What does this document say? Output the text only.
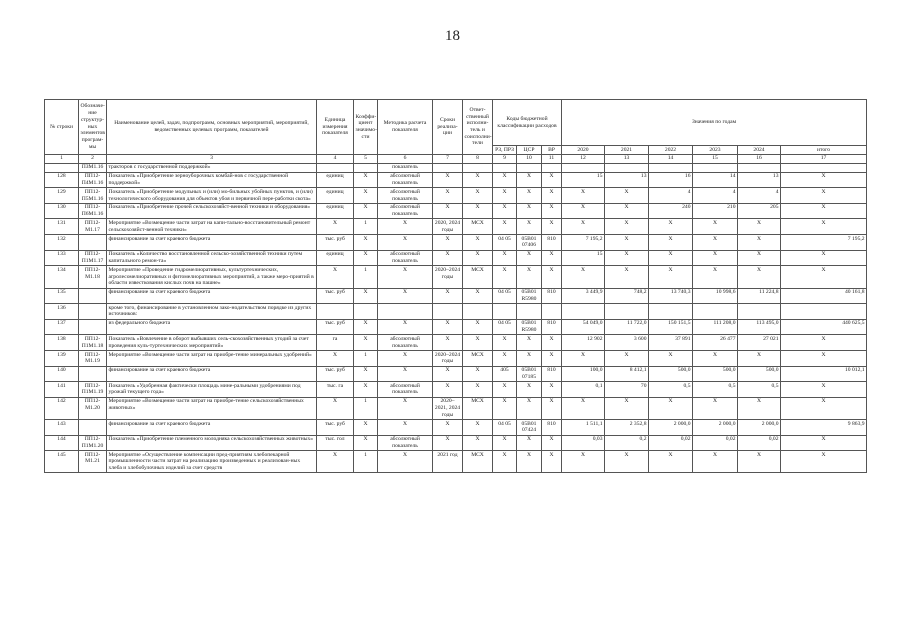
18
№ строки	Обозначе-ние структур-ных элементов програм-мы	Наименование целей, задач, подпрограмм, основных мероприятий, мероприятий, ведомственных целевых программ, показателей	Единица измерения показателя	Коэффи-циент значимо-сти	Методика расчета показателя	Сроки реализа-ции	Ответ-ственный исполни-тель и соисполни-тели	Коды бюджетной классификации расходов			Значения по годам					
								РЗ, ПРЗ	ЦСР	ВР	2020	2021	2022	2023	2024	итого
1	2	3	4	5	6	7	8	9	10	11	12	13	14	15	16	17
	ПЗМ1.16	тракторов с государственной поддержкой»			показатель											
128	ПП12-П4М1.16	Показатель «Приобретение зерноуборочных комбай-нов с государственной поддержкой»	единиц	Х	абсолютный показатель	Х	Х	Х	Х	Х	15	13	16	14	13	Х
129	ПП12-П5М1.16	Показатель «Приобретение модульных и (или) мо-бильных убойных пунктов, и (или) технологического оборудования для объектов убоя и первичной пере-работки скота»	единиц	Х	абсолютный показатель	Х	Х	Х	Х	Х	Х	Х	4	4	4	Х
130	ПП12-П6М1.16	Показатель «Приобретение прочей сельскохозяйст-венной техники и оборудования»	единиц	Х	абсолютный показатель	Х	Х	Х	Х	Х	Х	Х	240	210	205	Х
131	ПП12-М1.17	Мероприятие «Возмещение части затрат на капи-тально-восстановительный ремонт сельскохозяйст-венной техники»	Х	1	Х	2020, 2024 годы	МСХ	Х	Х	Х	Х	Х	Х	Х	Х	Х
132		финансирование за счет краевого бюджета	тыс. руб	Х	Х	Х	Х	04 05	05В01 07406	810	7 195,2	Х	Х	Х	Х	7 195,2
133	ПП12-П1М1.17	Показатель «Количество восстановленной сельско-хозяйственной техники путем капитального ремон-та»	единиц	Х	абсолютный показатель	Х	Х	Х	Х	Х	15	Х	Х	Х	Х	Х
134	ПП12-М1.18	Мероприятие «Проведение гидромелиоративных, культуртехнических, агролесомелиоративных и фитомелиоративных мероприятий, а также меро-приятий в области известкования кислых почв на пашне»	Х	1	Х	2020–2024 годы	МСХ	Х	Х	Х	Х	Х	Х	Х	Х	Х
135		финансирование за счет краевого бюджета	тыс. руб	Х	Х	Х	Х	04 05	05В01 R5980	810	3 449,9	748,2	13 740,3	10 998,6	11 224,8	40 161,8
136		кроме того, финансирование в установленном зако-нодательством порядке из других источников:														
137		из федерального бюджета	тыс. руб	Х	Х	Х	Х	04 05	05В01 R5980	810	54 049,0	11 722,0	150 151,5	111 208,0	113 495,0	440 625,5
138	ПП12-П1М1.18	Показатель «Вовлечение в оборот выбывших сель-скохозяйственных угодий за счет проведения куль-туртехнических мероприятий»	га	Х	абсолютный показатель	Х	Х	Х	Х	Х	12 902	3 600	37 891	26 477	27 021	Х
139	ПП12-М1.19	Мероприятие «Возмещение части затрат на приобре-тение минеральных удобрений»	Х	1	Х	2020–2024 годы	МСХ	Х	Х	Х	Х	Х	Х	Х	Х	Х
140		финансирование за счет краевого бюджета	тыс. руб	Х	Х	Х	Х	405	05В01 07185	810	100,0	8 412,1	500,0	500,0	500,0	10 012,1
141	ПП12-П1М1.19	Показатель «Удобренная фактически площадь мине-ральными удобрениями под урожай текущего года»	тыс. га	Х	абсолютный показатель	Х	Х	Х	Х	Х	0,1	70	0,5	0,5	0,5	Х
142	ПП12-М1.20	Мероприятие «Возмещение части затрат на приобре-тение сельскохозяйственных животных»	Х	1	Х	2020–2021, 2024 годы	МСХ	Х	Х	Х	Х	Х	Х	Х	Х	Х
143		финансирование за счет краевого бюджета	тыс. руб	Х	Х	Х	Х	04 05	05В01 07424	810	1 511,1	2 352,8	2 000,0	2 000,0	2 000,0	9 863,9
144	ПП12-П1М1.20	Показатель «Приобретение племенного молодняка сельскохозяйственных животных»	тыс. гол	Х	абсолютный показатель	Х	Х	Х	Х	Х	0,03	0,2	0,02	0,02	0,02	Х
145	ПП12-М1.21	Мероприятие «Осуществление компенсации пред-приятиям хлебопекарной промышленности части затрат на реализацию произведенных и реализован-ных хлеба и хлебобулочных изделий за счет средств	Х	1	Х	2021 год	МСХ	Х	Х	Х	Х	Х	Х	Х	Х	Х
